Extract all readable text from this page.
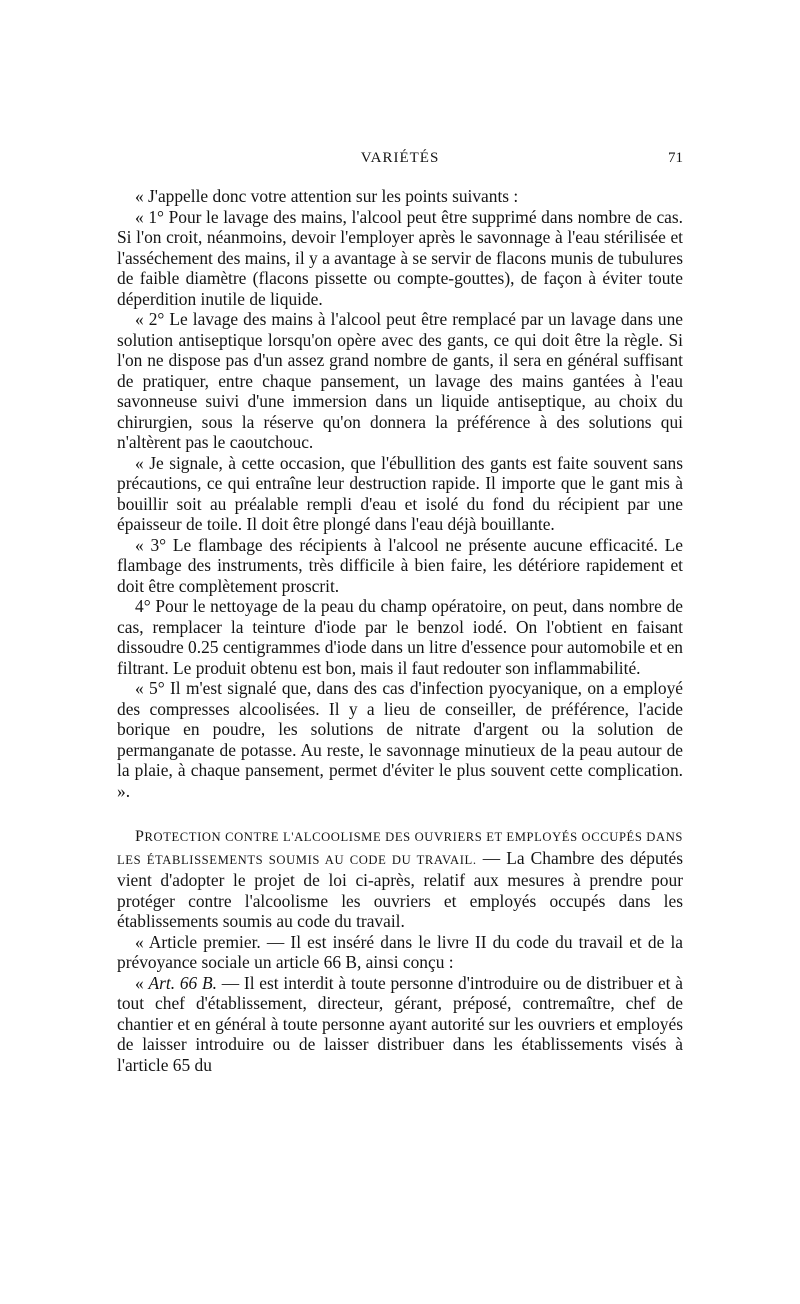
VARIÉTÉS	71

« J'appelle donc votre attention sur les points suivants :

« 1° Pour le lavage des mains, l'alcool peut être supprimé dans nombre de cas. Si l'on croit, néanmoins, devoir l'employer après le savonnage à l'eau stérilisée et l'asséchement des mains, il y a avantage à se servir de flacons munis de tubulures de faible diamètre (flacons pissette ou compte-gouttes), de façon à éviter toute déperdition inutile de liquide.

« 2° Le lavage des mains à l'alcool peut être remplacé par un lavage dans une solution antiseptique lorsqu'on opère avec des gants, ce qui doit être la règle. Si l'on ne dispose pas d'un assez grand nombre de gants, il sera en général suffisant de pratiquer, entre chaque pansement, un lavage des mains gantées à l'eau savonneuse suivi d'une immersion dans un liquide antiseptique, au choix du chirurgien, sous la réserve qu'on donnera la préférence à des solutions qui n'altèrent pas le caoutchouc.

« Je signale, à cette occasion, que l'ébullition des gants est faite souvent sans précautions, ce qui entraîne leur destruction rapide. Il importe que le gant mis à bouillir soit au préalable rempli d'eau et isolé du fond du récipient par une épaisseur de toile. Il doit être plongé dans l'eau déjà bouillante.

« 3° Le flambage des récipients à l'alcool ne présente aucune efficacité. Le flambage des instruments, très difficile à bien faire, les détériore rapidement et doit être complètement proscrit.

4° Pour le nettoyage de la peau du champ opératoire, on peut, dans nombre de cas, remplacer la teinture d'iode par le benzol iodé. On l'obtient en faisant dissoudre 0.25 centigrammes d'iode dans un litre d'essence pour automobile et en filtrant. Le produit obtenu est bon, mais il faut redouter son inflammabilité.

« 5° Il m'est signalé que, dans des cas d'infection pyocyanique, on a employé des compresses alcoolisées. Il y a lieu de conseiller, de préférence, l'acide borique en poudre, les solutions de nitrate d'argent ou la solution de permanganate de potasse. Au reste, le savonnage minutieux de la peau autour de la plaie, à chaque pansement, permet d'éviter le plus souvent cette complication. ».

PROTECTION CONTRE L'ALCOOLISME DES OUVRIERS ET EMPLOYÉS OCCUPÉS DANS LES ÉTABLISSEMENTS SOUMIS AU CODE DU TRAVAIL. — La Chambre des députés vient d'adopter le projet de loi ci-après, relatif aux mesures à prendre pour protéger contre l'alcoolisme les ouvriers et employés occupés dans les établissements soumis au code du travail.

« Article premier. — Il est inséré dans le livre II du code du travail et de la prévoyance sociale un article 66 B, ainsi conçu :

« Art. 66 B. — Il est interdit à toute personne d'introduire ou de distribuer et à tout chef d'établissement, directeur, gérant, préposé, contremaître, chef de chantier et en général à toute personne ayant autorité sur les ouvriers et employés de laisser introduire ou de laisser distribuer dans les établissements visés à l'article 65 du
